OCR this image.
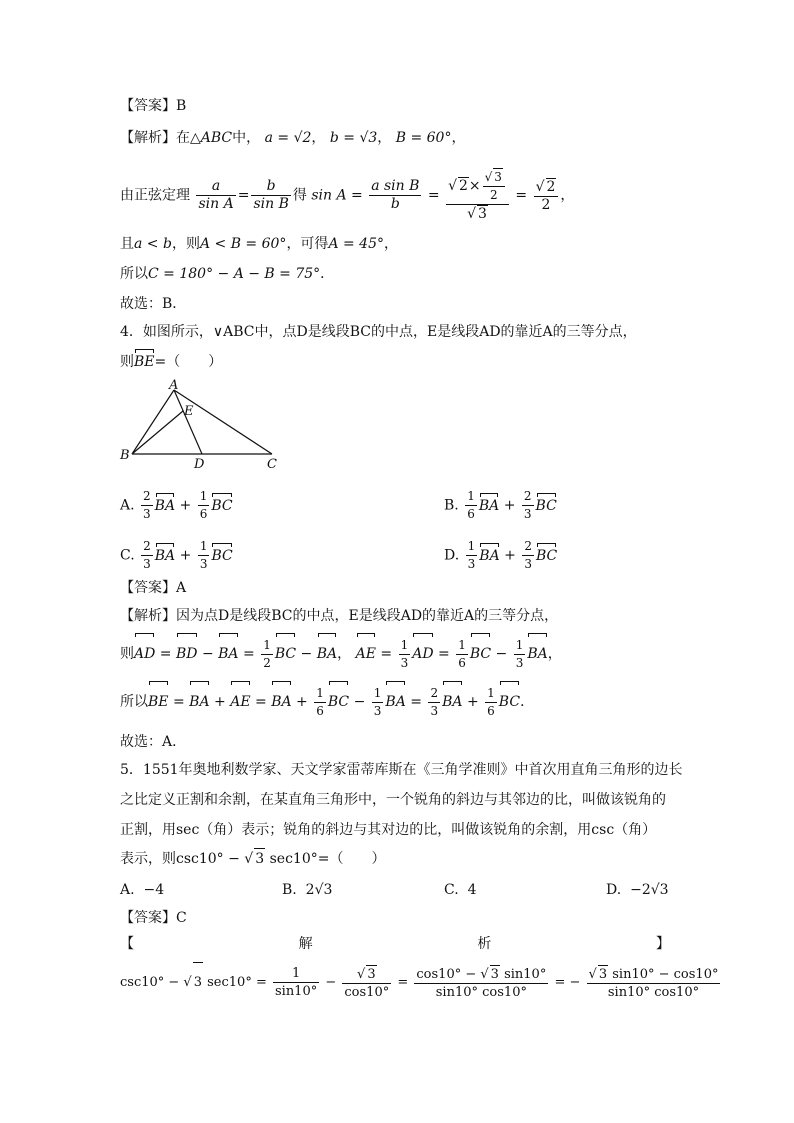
【答案】B
【解析】在△ABC中， a = √2， b = √3， B = 60°，
由正弦定理 $\frac{a}{\text{sin A}} = \frac{b}{\text{sin B}}$ 得 $\sin A = \frac{\text{a sin B}}{b} = \frac{√ 2\times \frac{√ 3}{2}}{√ 3} = \frac{√ 2}{2}$ ，
且a < b，则A < B = 60°，可得A = 45°，
所以C = 180° − A − B = 75°．
故选：B．
4．如图所示，∨ABC中，点D是线段BC的中点，E是线段AD的靠近A的三等分点，
则BE=（　　）
A
B
C
D
E
A. $\frac{2}{3}$ BA + $\frac{1}{6}$ BC	B. $\frac{1}{6}$ BA + $\frac{2}{3}$ BC
C. $\frac{2}{3}$ BA + $\frac{1}{3}$ BC	D. $\frac{1}{3}$ BA + $\frac{2}{3}$ BC
【答案】A
【解析】因为点D是线段BC的中点，E是线段AD的靠近A的三等分点，
则AD = BD − BA = $\frac{1}{2}$ BC − BA， AE = $\frac{1}{3}$ AD = $\frac{1}{6}$ BC − $\frac{1}{3}$ BA，
所以BE = BA + AE = BA + $\frac{1}{6}$ BC − $\frac{1}{3}$ BA = $\frac{2}{3}$ BA + $\frac{1}{6}$ BC．
故选：A．
5．1551年奥地利数学家、天文学家雷蒂库斯在《三角学准则》中首次用直角三角形的边长
之比定义正割和余割，在某直角三角形中，一个锐角的斜边与其邻边的比，叫做该锐角的
正割，用sec（角）表示；锐角的斜边与其对边的比，叫做该锐角的余割，用csc（角）
表示，则csc10° − √ 3 sec10°=（　　）
A. −4	B. 2√3	C. 4	D. −2√3
【答案】C
【	解	析	】
csc10° − √ 3 $\sec 10^\circ = \frac{1}{\sin 10^\circ} - \frac{√ 3}{\cos 10^\circ} = \frac{\cos 10^\circ - √ 3 \sin 10^\circ}{\sin 10^\circ \cos 10^\circ}$ = − $\frac{√ 3 \sin 10^\circ - \cos 10^\circ}{\sin 10^\circ \cos 10^\circ}$
